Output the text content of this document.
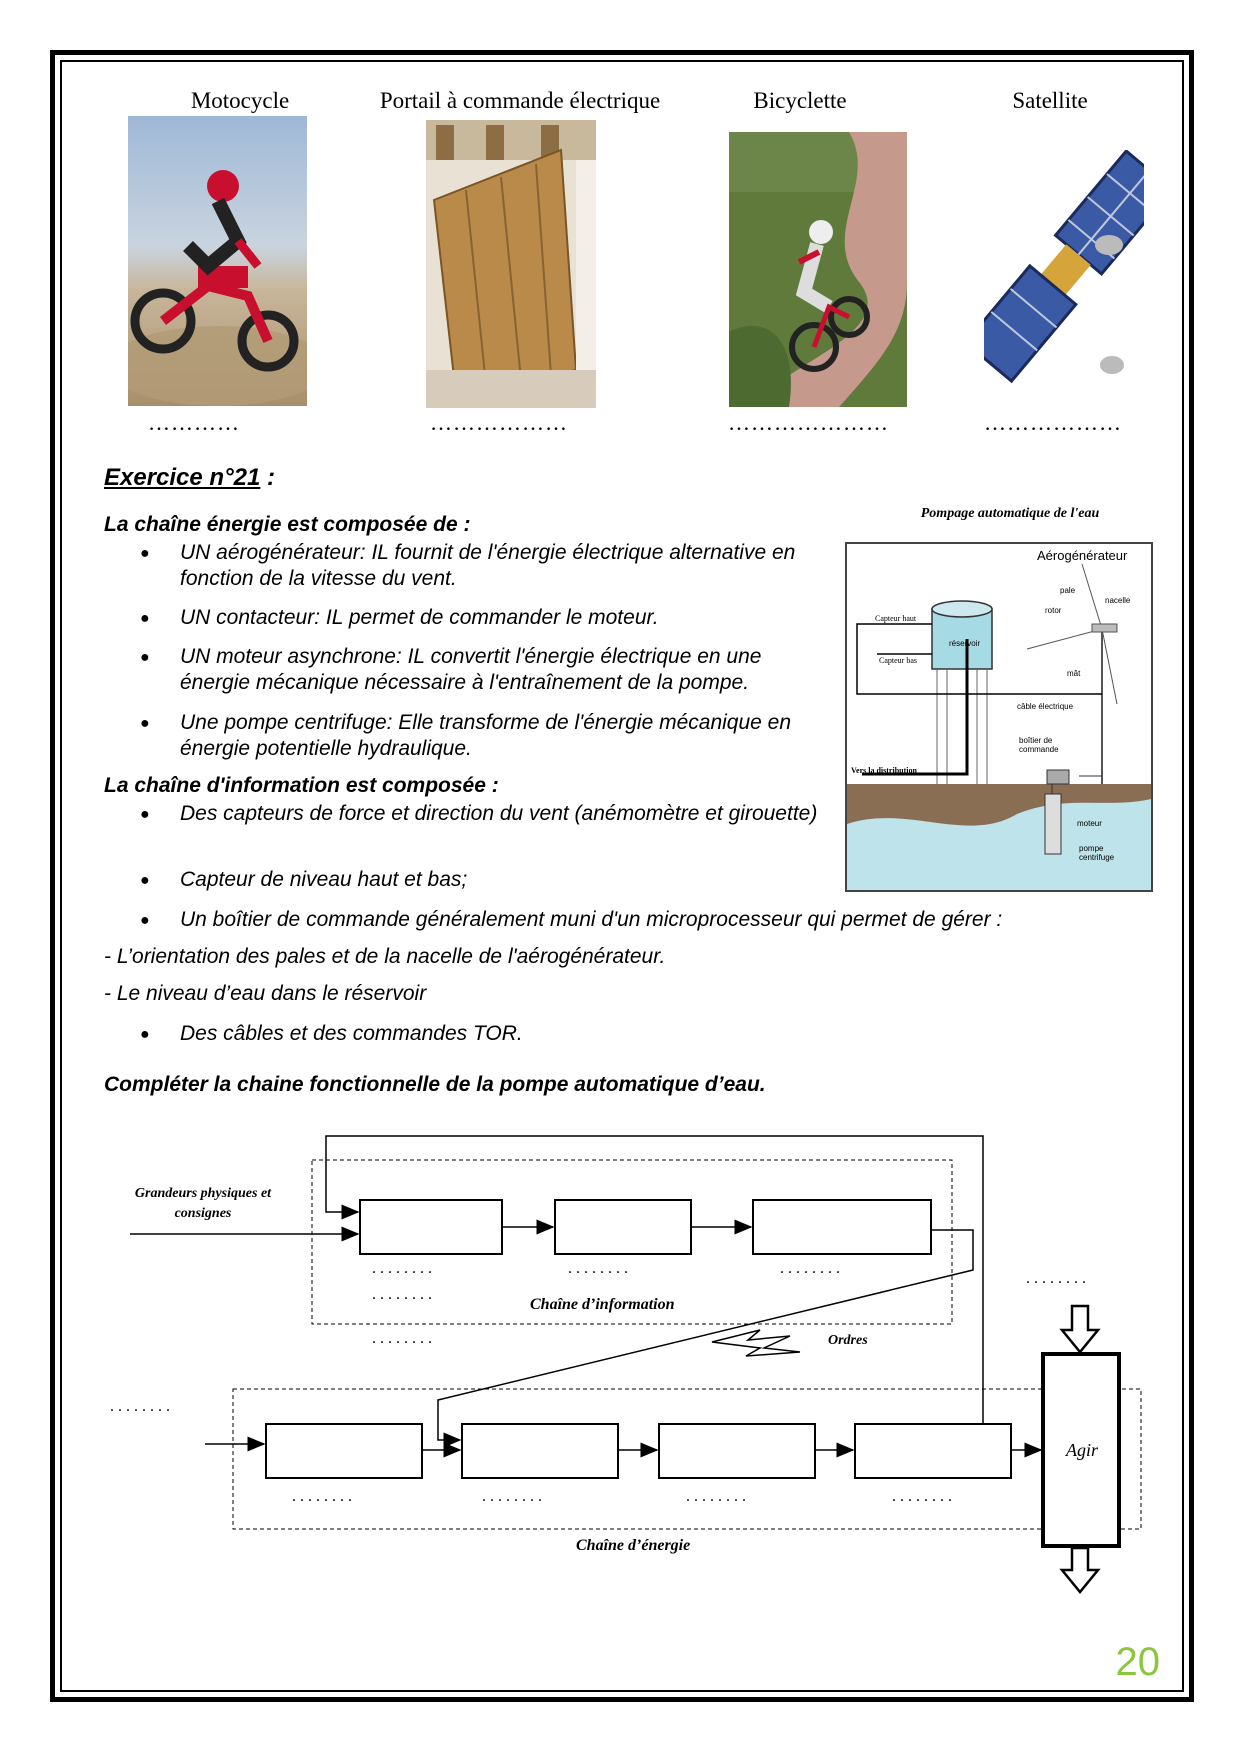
Motocycle	Portail à commande électrique	Bicyclette	Satellite
…………	………………	…………………	………………
Exercice n°21 :
La chaîne énergie est composée de :
● UN aérogénérateur: IL fournit de l'énergie électrique alternative en fonction de la vitesse du vent.
● UN contacteur: IL permet de commander le moteur.
● UN moteur asynchrone: IL convertit l'énergie électrique en une énergie mécanique nécessaire à l'entraînement de la pompe.
● Une pompe centrifuge: Elle transforme de l'énergie mécanique en énergie potentielle hydraulique.
La chaîne d'information est composée :
● Des capteurs de force et direction du vent (anémomètre et girouette)
● Capteur de niveau haut et bas;
● Un boîtier de commande généralement muni d'un microprocesseur qui permet de gérer :
- L’orientation des pales et de la nacelle de l'aérogénérateur.
- Le niveau d’eau dans le réservoir
● Des câbles et des commandes TOR.
Compléter la chaine fonctionnelle de la pompe automatique d’eau.
Pompage automatique de l'eau
Aérogénérateur
pale
nacelle
rotor
réservoir
Capteur haut
Capteur bas
mât
câble électrique
boîtier de commande
Vers la distribution
moteur
pompe centrifuge
Grandeurs physiques et consignes
Chaîne d’information
Ordres
Chaîne d’énergie
Agir
........
........
........	........
........
........
........
........	........	........	........
20
